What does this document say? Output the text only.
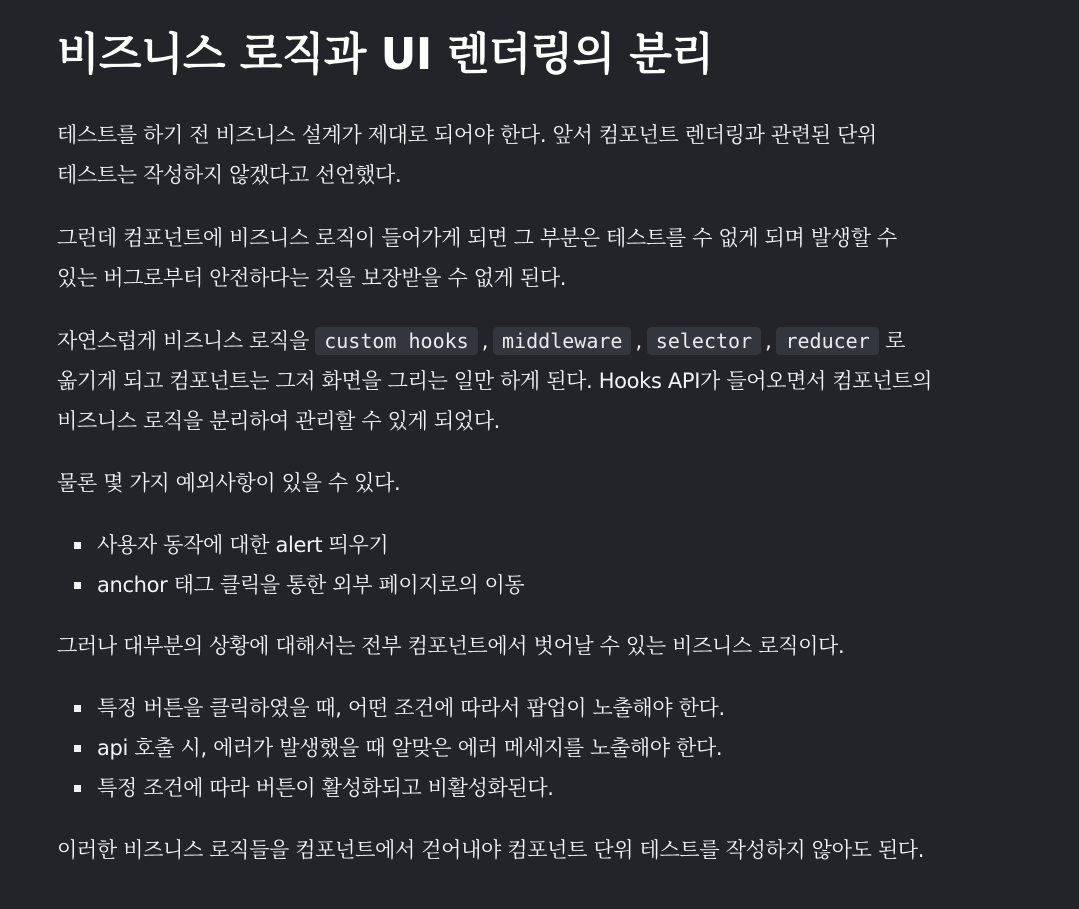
비즈니스 로직과 UI 렌더링의 분리

테스트를 하기 전 비즈니스 설계가 제대로 되어야 한다. 앞서 컴포넌트 렌더링과 관련된 단위
테스트는 작성하지 않겠다고 선언했다.

그런데 컴포넌트에 비즈니스 로직이 들어가게 되면 그 부분은 테스트를 수 없게 되며 발생할 수
있는 버그로부터 안전하다는 것을 보장받을 수 없게 된다.

자연스럽게 비즈니스 로직을 custom hooks , middleware , selector , reducer 로
옮기게 되고 컴포넌트는 그저 화면을 그리는 일만 하게 된다. Hooks API가 들어오면서 컴포넌트의
비즈니스 로직을 분리하여 관리할 수 있게 되었다.

물론 몇 가지 예외사항이 있을 수 있다.

사용자 동작에 대한 alert 띄우기
anchor 태그 클릭을 통한 외부 페이지로의 이동

그러나 대부분의 상황에 대해서는 전부 컴포넌트에서 벗어날 수 있는 비즈니스 로직이다.

특정 버튼을 클릭하였을 때, 어떤 조건에 따라서 팝업이 노출해야 한다.
api 호출 시, 에러가 발생했을 때 알맞은 에러 메세지를 노출해야 한다.
특정 조건에 따라 버튼이 활성화되고 비활성화된다.

이러한 비즈니스 로직들을 컴포넌트에서 걷어내야 컴포넌트 단위 테스트를 작성하지 않아도 된다.
